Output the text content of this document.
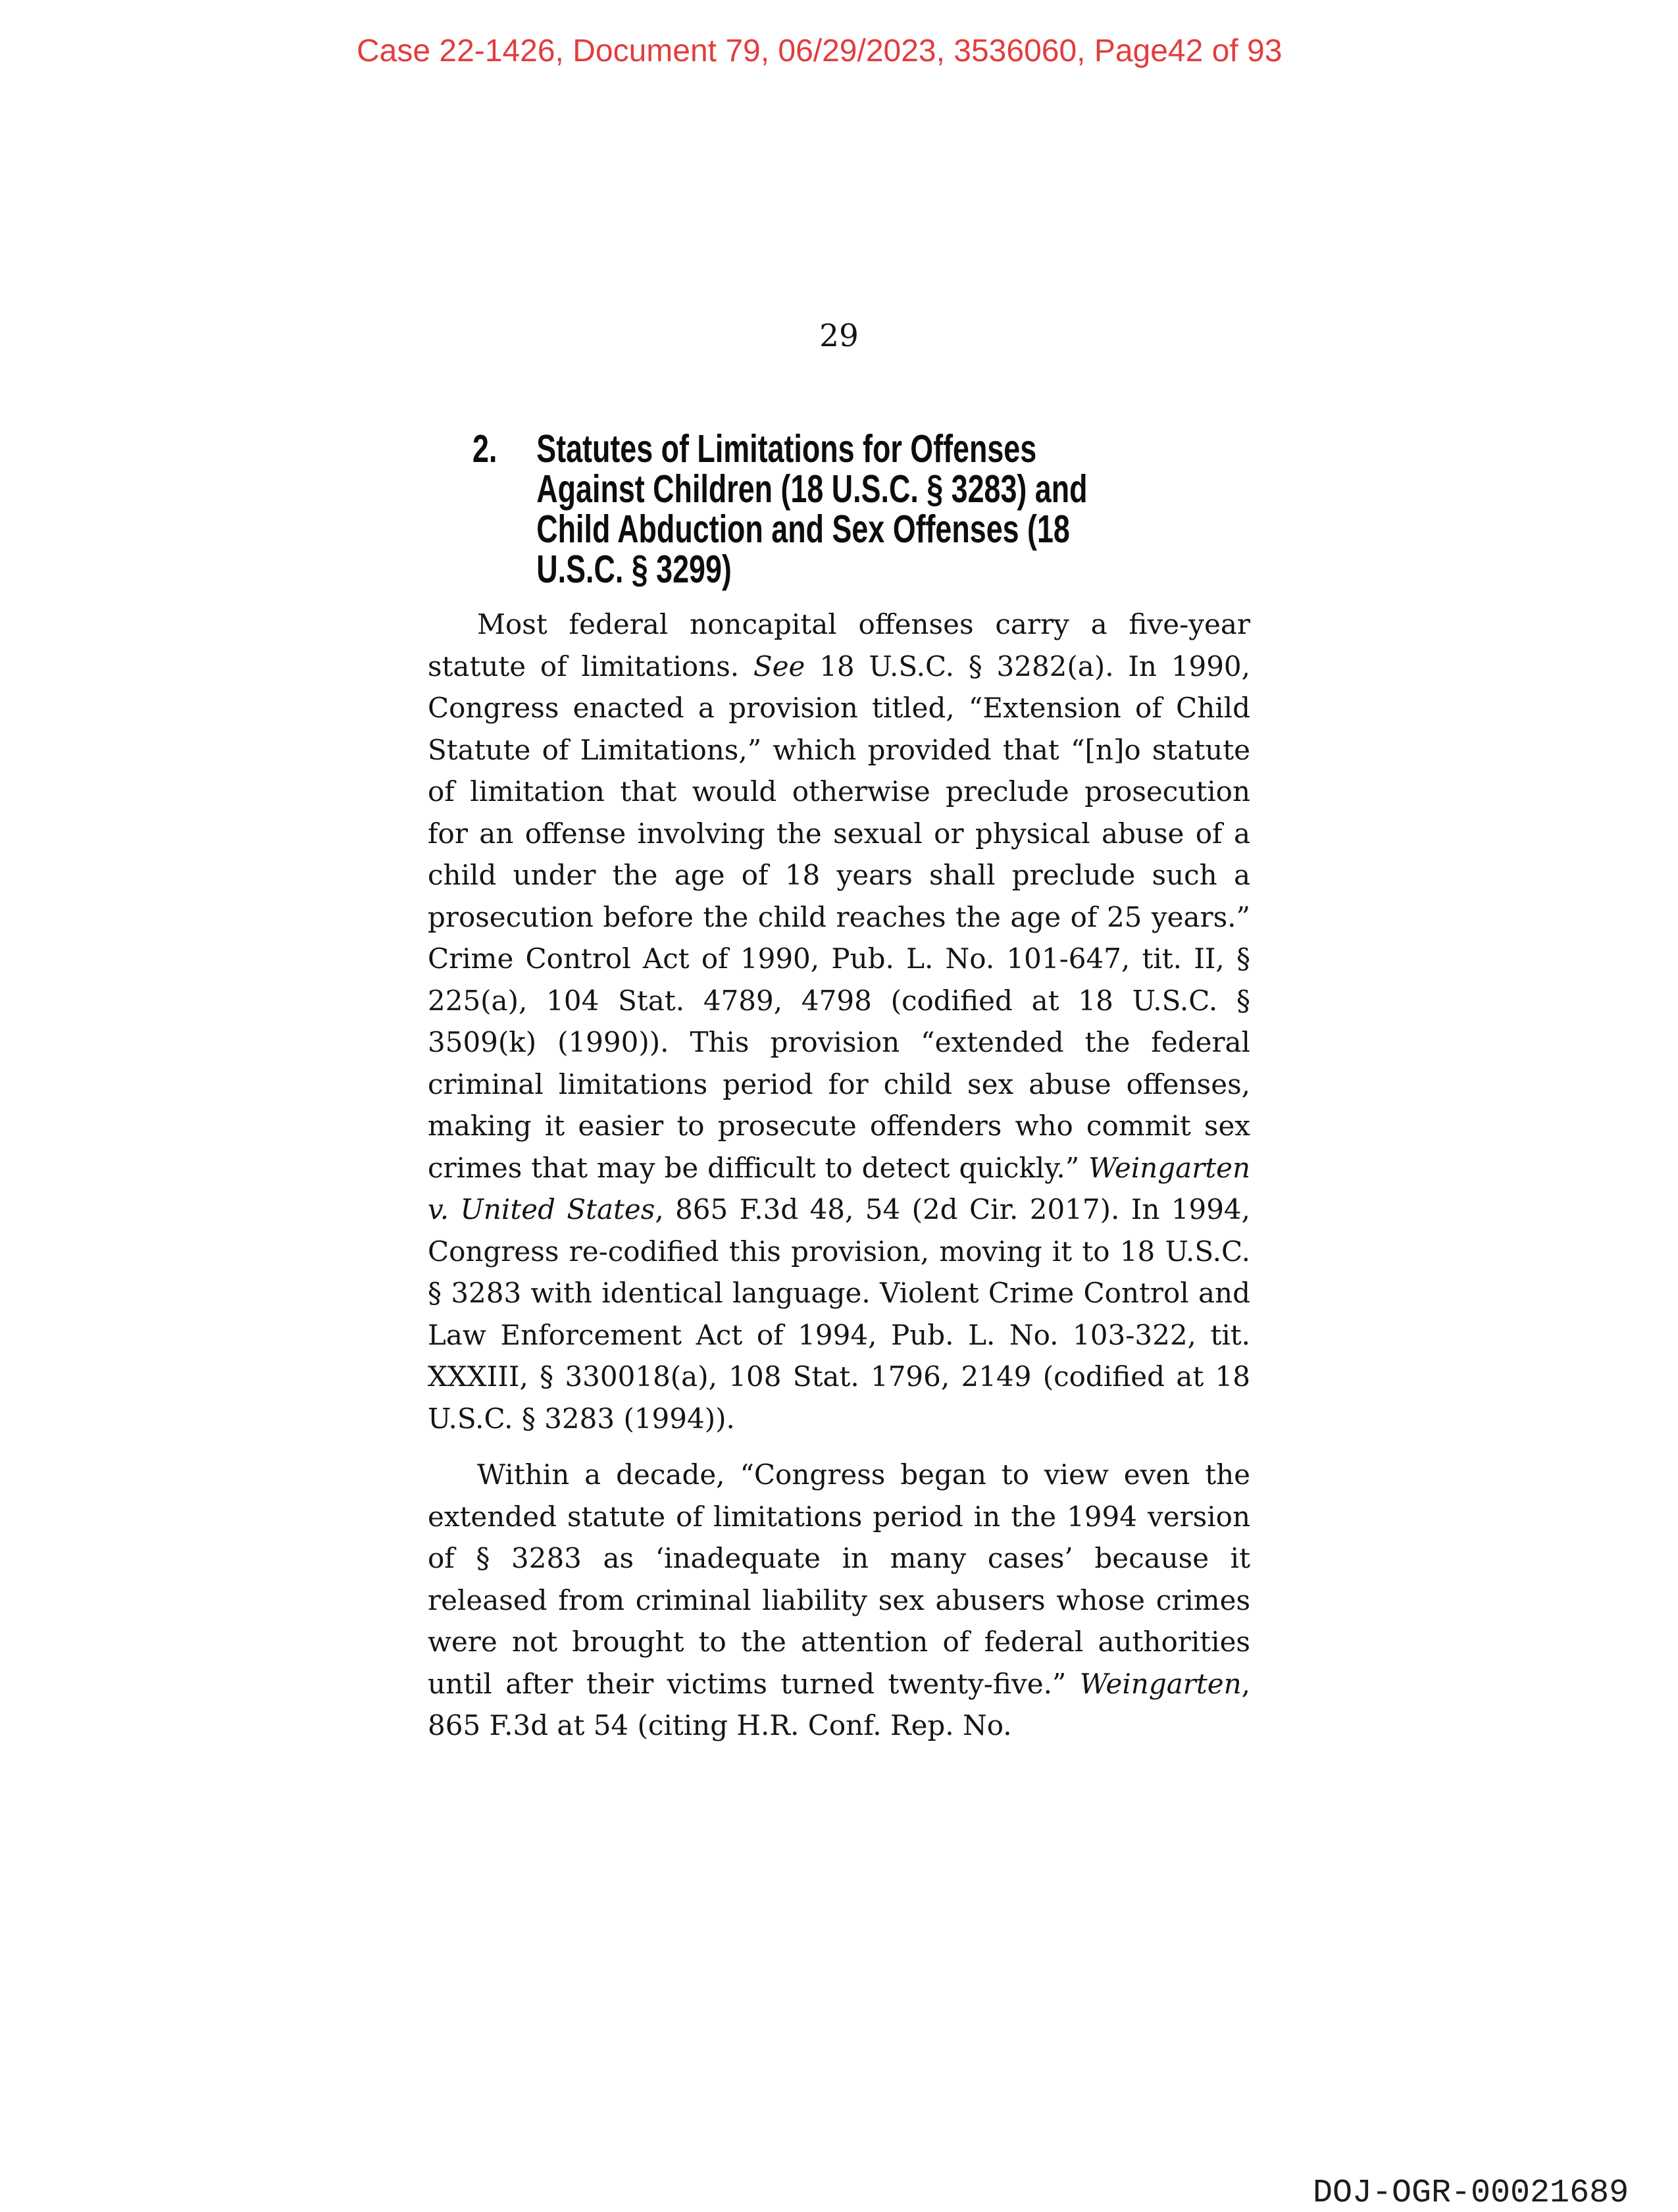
Case 22-1426, Document 79, 06/29/2023, 3536060, Page42 of 93
29
2.	Statutes of Limitations for Offenses
Against Children (18 U.S.C. § 3283) and
Child Abduction and Sex Offenses (18
U.S.C. § 3299)

Most federal noncapital offenses carry a five-year statute of limitations. See 18 U.S.C. § 3282(a). In 1990, Congress enacted a provision titled, “Extension of Child Statute of Limitations,” which provided that “[n]o statute of limitation that would otherwise preclude prosecution for an offense involving the sexual or physical abuse of a child under the age of 18 years shall preclude such a prosecution before the child reaches the age of 25 years.” Crime Control Act of 1990, Pub. L. No. 101-647, tit. II, § 225(a), 104 Stat. 4789, 4798 (codified at 18 U.S.C. § 3509(k) (1990)). This provision “extended the federal criminal limitations period for child sex abuse offenses, making it easier to prosecute offenders who commit sex crimes that may be difficult to detect quickly.” Weingarten v. United States, 865 F.3d 48, 54 (2d Cir. 2017). In 1994, Congress re-codified this provision, moving it to 18 U.S.C. § 3283 with identical language. Violent Crime Control and Law Enforcement Act of 1994, Pub. L. No. 103-322, tit. XXXIII, § 330018(a), 108 Stat. 1796, 2149 (codified at 18 U.S.C. § 3283 (1994)).

Within a decade, “Congress began to view even the extended statute of limitations period in the 1994 version of § 3283 as ‘inadequate in many cases’ because it released from criminal liability sex abusers whose crimes were not brought to the attention of federal authorities until after their victims turned twenty-five.” Weingarten, 865 F.3d at 54 (citing H.R. Conf. Rep. No.

DOJ-OGR-00021689
